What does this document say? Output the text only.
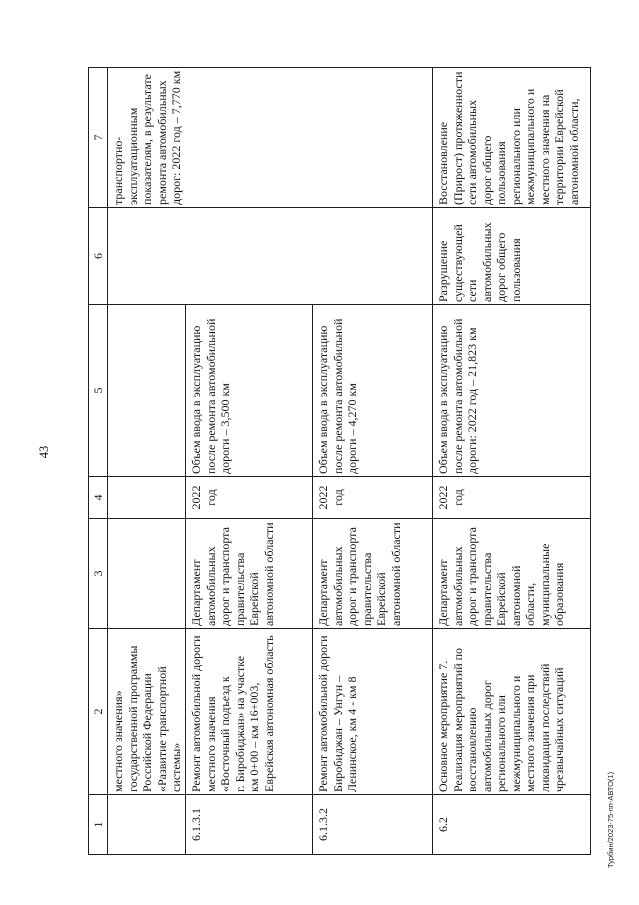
43
1	2	3	4	5	6	7
	местного значения» государственной программы Российской Федерации «Развитие транспортной системы»					транспортно-эксплуатационным показателям, в результате ремонта автомобильных дорог: 2022 год – 7,770 км
6.1.3.1	Ремонт автомобильной дороги местного значения «Восточный подъезд к г. Биробиджан» на участке км 0+00 – км 16+003, Еврейская автономная область	Департамент автомобильных дорог и транспорта правительства Еврейской автономной области	2022 год	Объем ввода в эксплуатацию после ремонта автомобильной дороги – 3,500 км		
6.1.3.2	Ремонт автомобильной дороги Биробиджан – Унгун – Ленинское, км 4 - км 8	Департамент автомобильных дорог и транспорта правительства Еврейской автономной области	2022 год	Объем ввода в эксплуатацию после ремонта автомобильной дороги – 4,270 км		
6.2	Основное мероприятие 7. Реализация мероприятий по восстановлению автомобильных дорог регионального или межмуниципального и местного значения при ликвидации последствий чрезвычайных ситуаций	Департамент автомобильных дорог и транспорта правительства Еврейской автономной области, муниципальные образования	2022 год	Объем ввода в эксплуатацию после ремонта автомобильной дороги: 2022 год – 21,823 км	Разрушение существующей сети автомобильных дорог общего пользования	Восстановление (Прирост) протяженности сети автомобильных дорог общего пользования регионального или межмуниципального и местного значения на территории Еврейской автономной области,
Турбин/2023-75-пп-АВТО(1)
